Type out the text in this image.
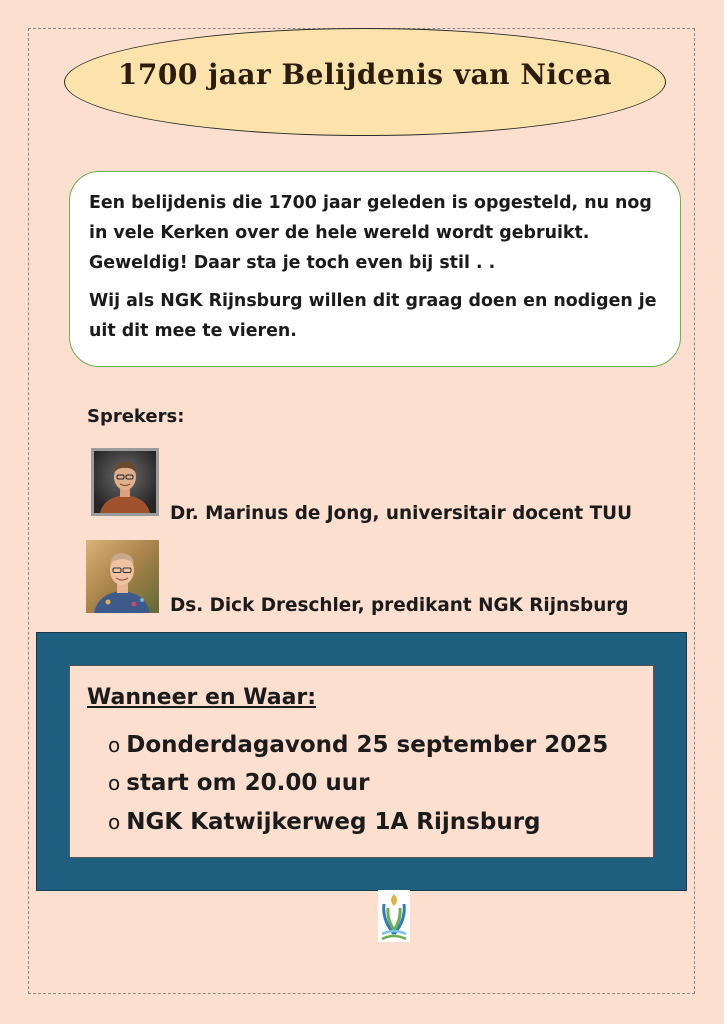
1700 jaar Belijdenis van Nicea

Een belijdenis die 1700 jaar geleden is opgesteld, nu nog in vele Kerken over de hele wereld wordt gebruikt. Geweldig! Daar sta je toch even bij stil . .

Wij als NGK Rijnsburg willen dit graag doen en nodigen je uit dit mee te vieren.

Sprekers:
Dr. Marinus de Jong, universitair docent TUU
Ds. Dick Dreschler, predikant NGK Rijnsburg
Wanneer en Waar:
o Donderdagavond 25 september 2025
o start om 20.00 uur
o NGK Katwijkerweg 1A Rijnsburg
